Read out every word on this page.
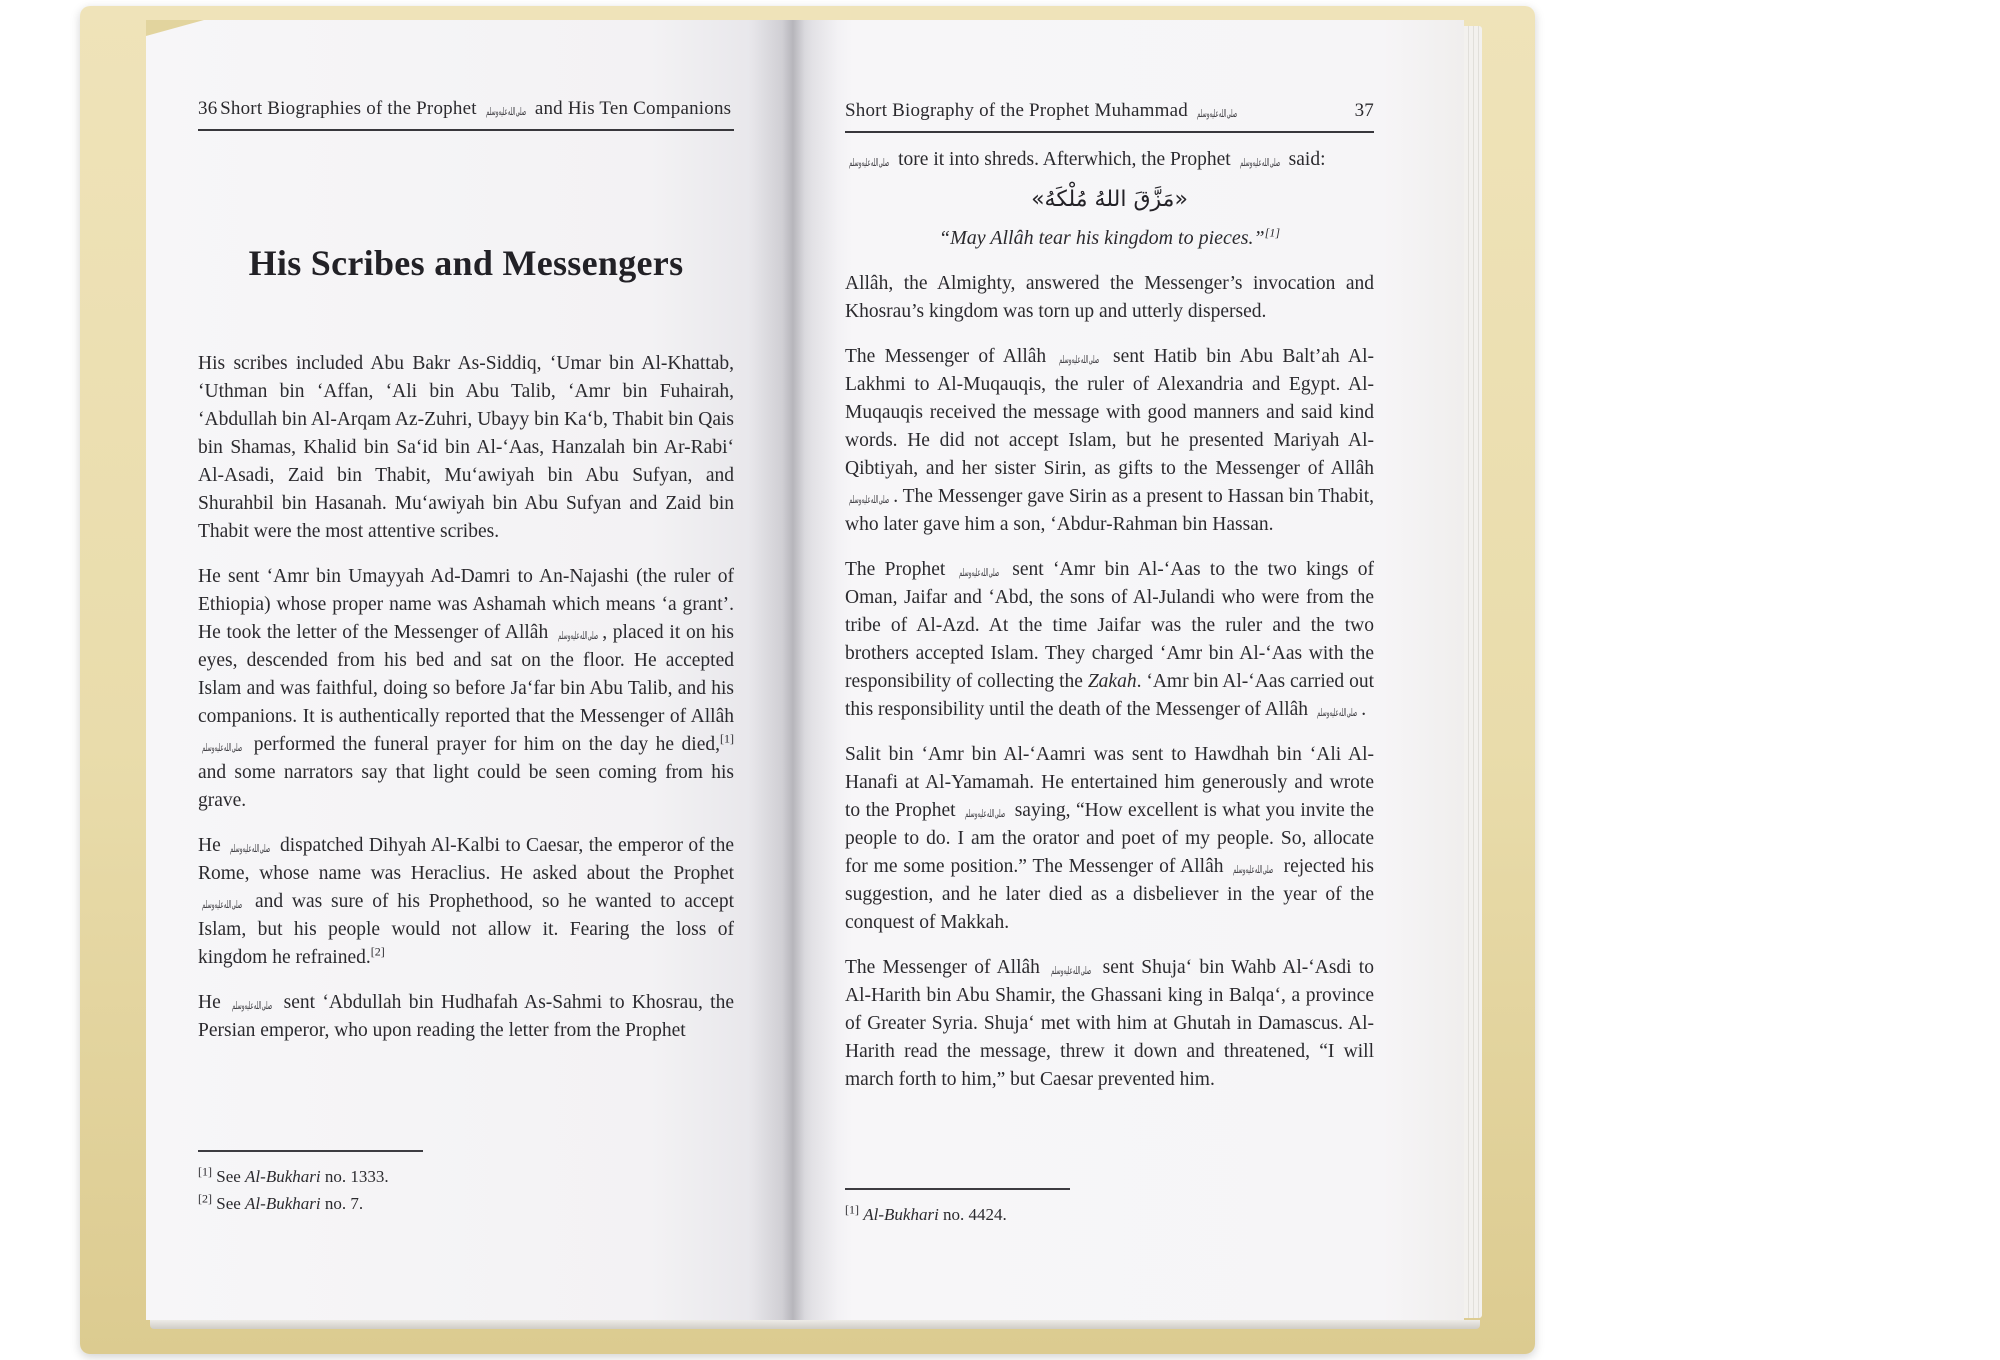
36 Short Biographies of the Prophet صلى الله عليه وسلم and His Ten Companions
His Scribes and Messengers

His scribes included Abu Bakr As-Siddiq, ‘Umar bin Al-Khattab, ‘Uthman bin ‘Affan, ‘Ali bin Abu Talib, ‘Amr bin Fuhairah, ‘Abdullah bin Al-Arqam Az-Zuhri, Ubayy bin Ka‘b, Thabit bin Qais bin Shamas, Khalid bin Sa‘id bin Al-‘Aas, Hanzalah bin Ar-Rabi‘ Al-Asadi, Zaid bin Thabit, Mu‘awiyah bin Abu Sufyan, and Shurahbil bin Hasanah. Mu‘awiyah bin Abu Sufyan and Zaid bin Thabit were the most attentive scribes.

He sent ‘Amr bin Umayyah Ad-Damri to An-Najashi (the ruler of Ethiopia) whose proper name was Ashamah which means ‘a grant’. He took the letter of the Messenger of Allâh صلى الله عليه وسلم , placed it on his eyes, descended from his bed and sat on the floor. He accepted Islam and was faithful, doing so before Ja‘far bin Abu Talib, and his companions. It is authentically reported that the Messenger of Allâh صلى الله عليه وسلم performed the funeral prayer for him on the day he died,[1] and some narrators say that light could be seen coming from his grave.

He صلى الله عليه وسلم dispatched Dihyah Al-Kalbi to Caesar, the emperor of the Rome, whose name was Heraclius. He asked about the Prophet صلى الله عليه وسلم and was sure of his Prophethood, so he wanted to accept Islam, but his people would not allow it. Fearing the loss of kingdom he refrained.[2]

He صلى الله عليه وسلم sent ‘Abdullah bin Hudhafah As-Sahmi to Khosrau, the Persian emperor, who upon reading the letter from the Prophet

[1] See Al-Bukhari no. 1333.

[2] See Al-Bukhari no. 7.

Short Biography of the Prophet Muhammad صلى الله عليه وسلم	37

صلى الله عليه وسلم tore it into shreds. Afterwhich, the Prophet صلى الله عليه وسلم said:

«مَزَّقَ اللهُ مُلْكَهُ»
“May Allâh tear his kingdom to pieces.”[1]

Allâh, the Almighty, answered the Messenger’s invocation and Khosrau’s kingdom was torn up and utterly dispersed.

The Messenger of Allâh صلى الله عليه وسلم sent Hatib bin Abu Balt’ah Al-Lakhmi to Al-Muqauqis, the ruler of Alexandria and Egypt. Al-Muqauqis received the message with good manners and said kind words. He did not accept Islam, but he presented Mariyah Al-Qibtiyah, and her sister Sirin, as gifts to the Messenger of Allâh صلى الله عليه وسلم . The Messenger gave Sirin as a present to Hassan bin Thabit, who later gave him a son, ‘Abdur-Rahman bin Hassan.

The Prophet صلى الله عليه وسلم sent ‘Amr bin Al-‘Aas to the two kings of Oman, Jaifar and ‘Abd, the sons of Al-Julandi who were from the tribe of Al-Azd. At the time Jaifar was the ruler and the two brothers accepted Islam. They charged ‘Amr bin Al-‘Aas with the responsibility of collecting the Zakah. ‘Amr bin Al-‘Aas carried out this responsibility until the death of the Messenger of Allâh صلى الله عليه وسلم .

Salit bin ‘Amr bin Al-‘Aamri was sent to Hawdhah bin ‘Ali Al-Hanafi at Al-Yamamah. He entertained him generously and wrote to the Prophet صلى الله عليه وسلم saying, “How excellent is what you invite the people to do. I am the orator and poet of my people. So, allocate for me some position.” The Messenger of Allâh صلى الله عليه وسلم rejected his suggestion, and he later died as a disbeliever in the year of the conquest of Makkah.

The Messenger of Allâh صلى الله عليه وسلم sent Shuja‘ bin Wahb Al-‘Asdi to Al-Harith bin Abu Shamir, the Ghassani king in Balqa‘, a province of Greater Syria. Shuja‘ met with him at Ghutah in Damascus. Al-Harith read the message, threw it down and threatened, “I will march forth to him,” but Caesar prevented him.

[1] Al-Bukhari no. 4424.
